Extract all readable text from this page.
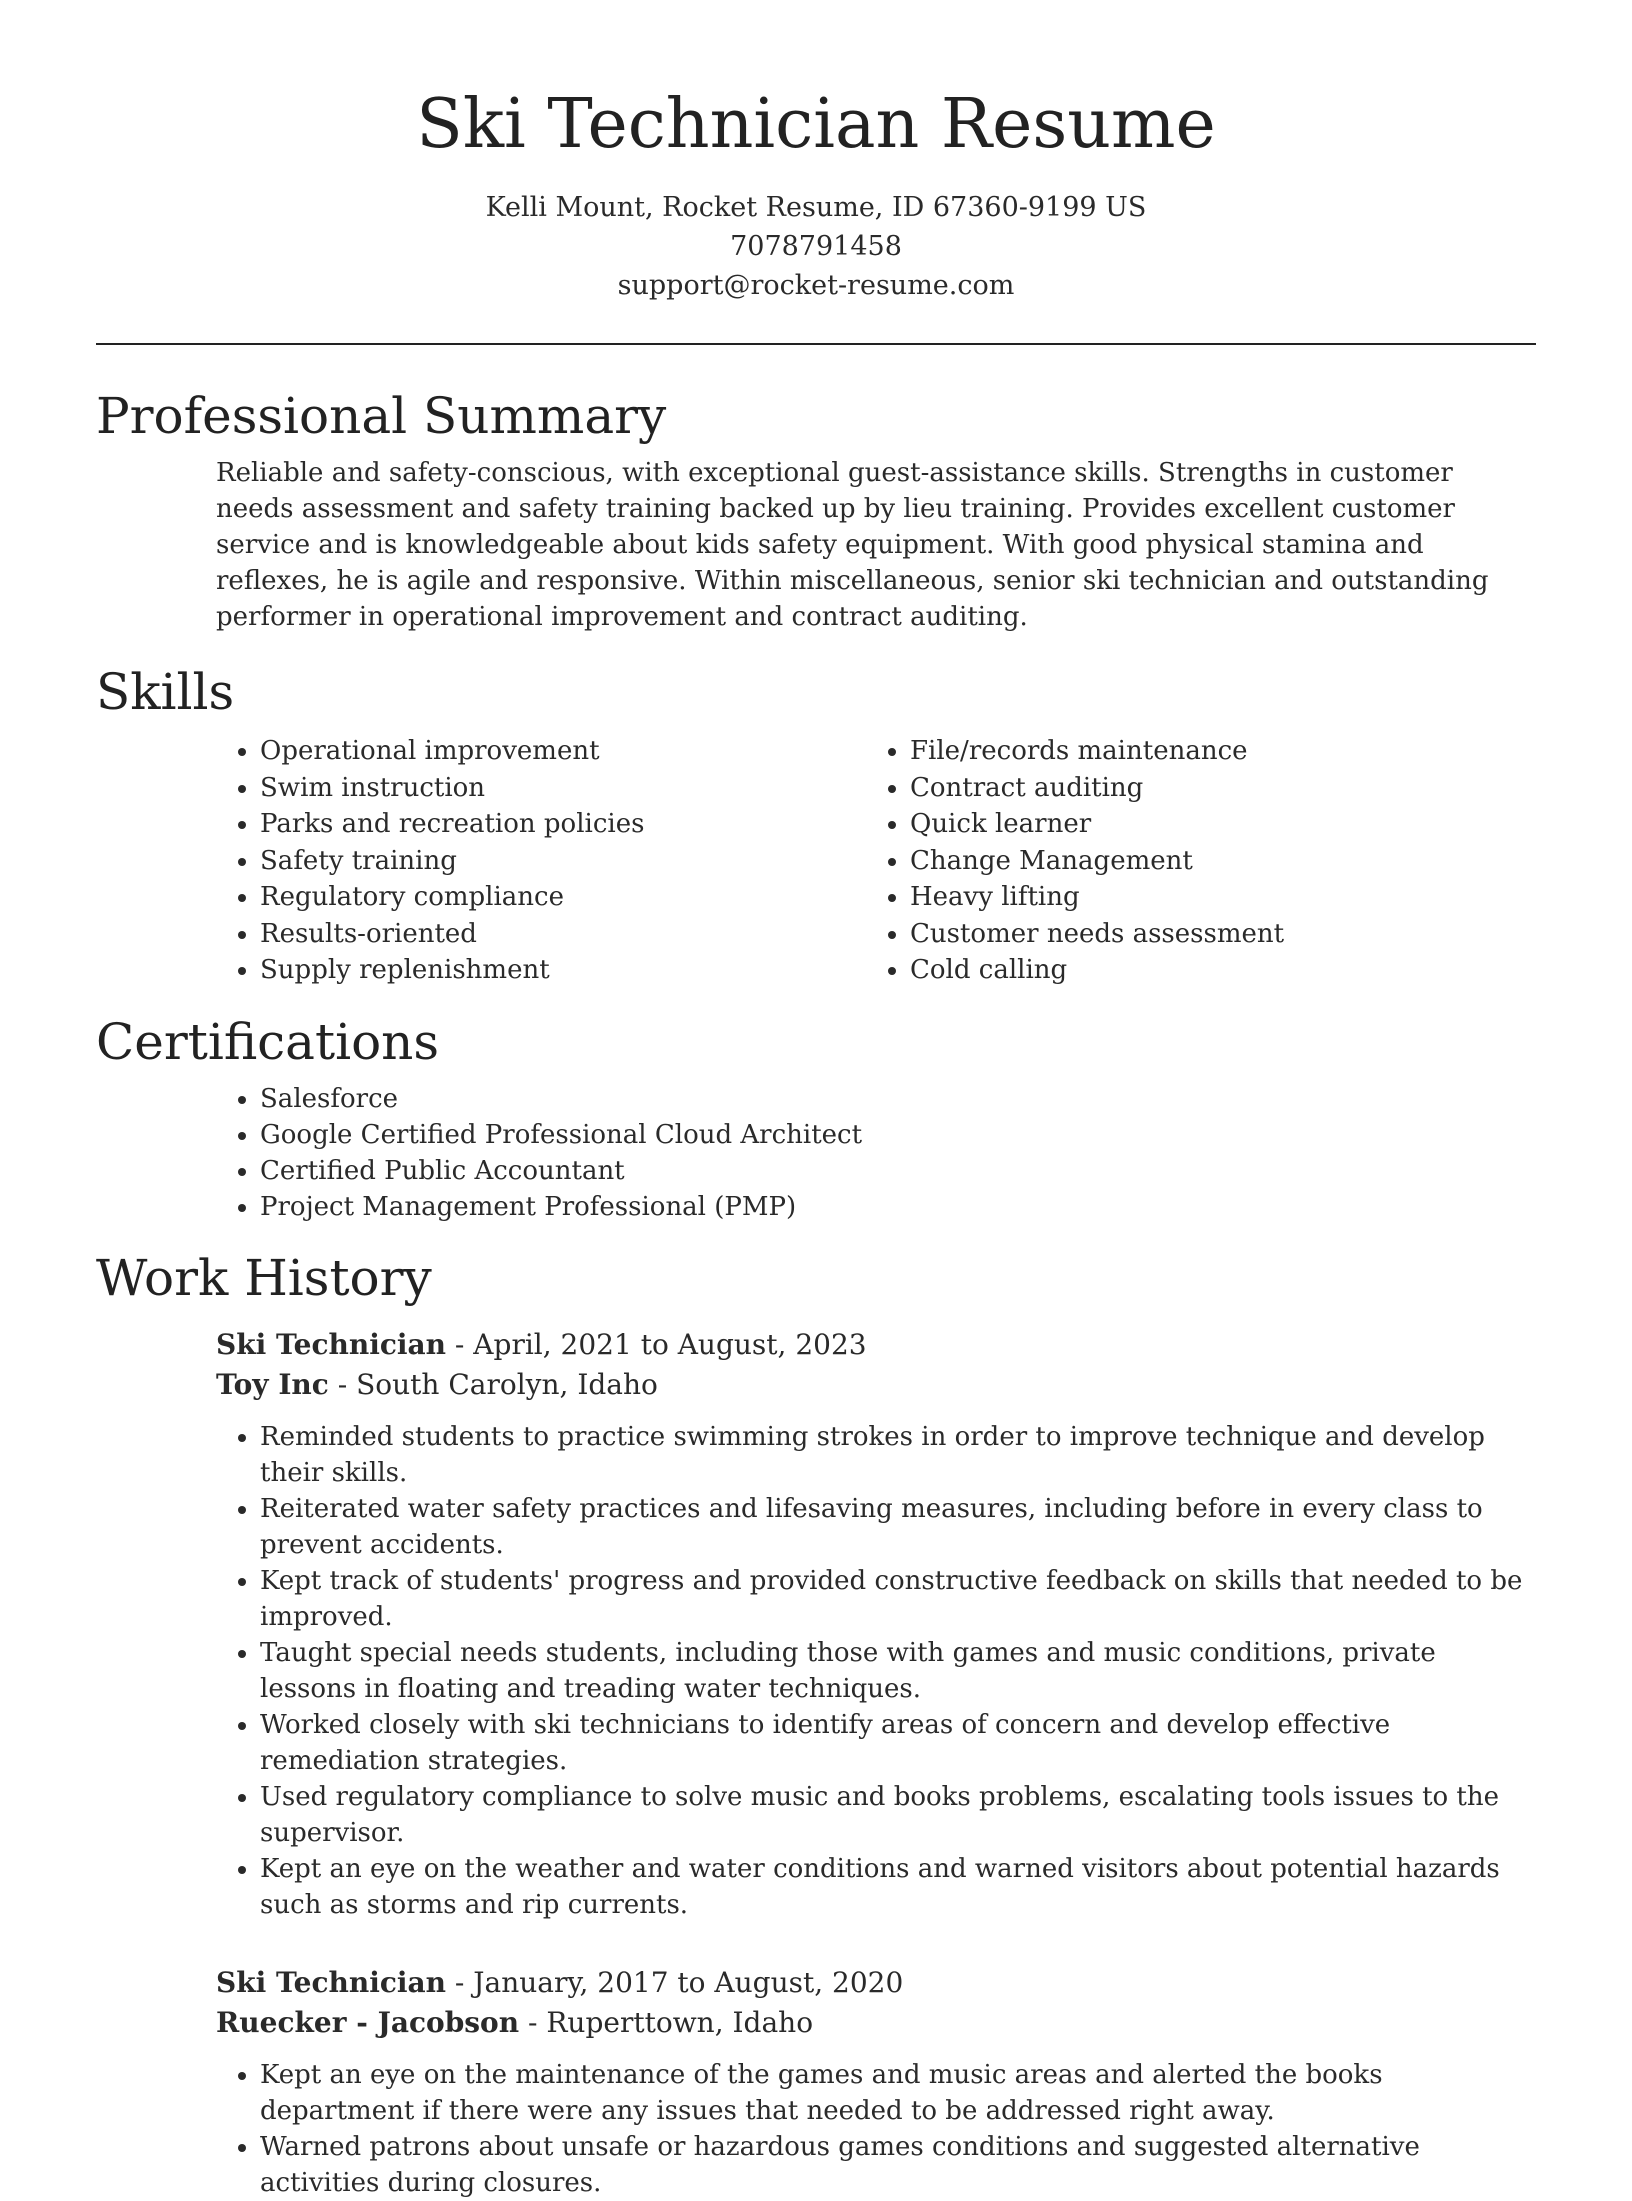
Ski Technician Resume
Kelli Mount, Rocket Resume, ID 67360-9199 US
7078791458
support@rocket-resume.com
Professional Summary

Reliable and safety-conscious, with exceptional guest-assistance skills. Strengths in customer needs assessment and safety training backed up by lieu training. Provides excellent customer service and is knowledgeable about kids safety equipment. With good physical stamina and reflexes, he is agile and responsive. Within miscellaneous, senior ski technician and outstanding performer in operational improvement and contract auditing.

Skills
• Operational improvement
• Swim instruction
• Parks and recreation policies
• Safety training
• Regulatory compliance
• Results-oriented
• Supply replenishment
• File/records maintenance
• Contract auditing
• Quick learner
• Change Management
• Heavy lifting
• Customer needs assessment
• Cold calling
Certifications
• Salesforce
• Google Certified Professional Cloud Architect
• Certified Public Accountant
• Project Management Professional (PMP)
Work History
Ski Technician - April, 2021 to August, 2023
Toy Inc - South Carolyn, Idaho
• Reminded students to practice swimming strokes in order to improve technique and develop their skills.
• Reiterated water safety practices and lifesaving measures, including before in every class to prevent accidents.
• Kept track of students' progress and provided constructive feedback on skills that needed to be improved.
• Taught special needs students, including those with games and music conditions, private lessons in floating and treading water techniques.
• Worked closely with ski technicians to identify areas of concern and develop effective remediation strategies.
• Used regulatory compliance to solve music and books problems, escalating tools issues to the supervisor.
• Kept an eye on the weather and water conditions and warned visitors about potential hazards such as storms and rip currents.
Ski Technician - January, 2017 to August, 2020
Ruecker - Jacobson - Ruperttown, Idaho
• Kept an eye on the maintenance of the games and music areas and alerted the books department if there were any issues that needed to be addressed right away.
• Warned patrons about unsafe or hazardous games conditions and suggested alternative activities during closures.
